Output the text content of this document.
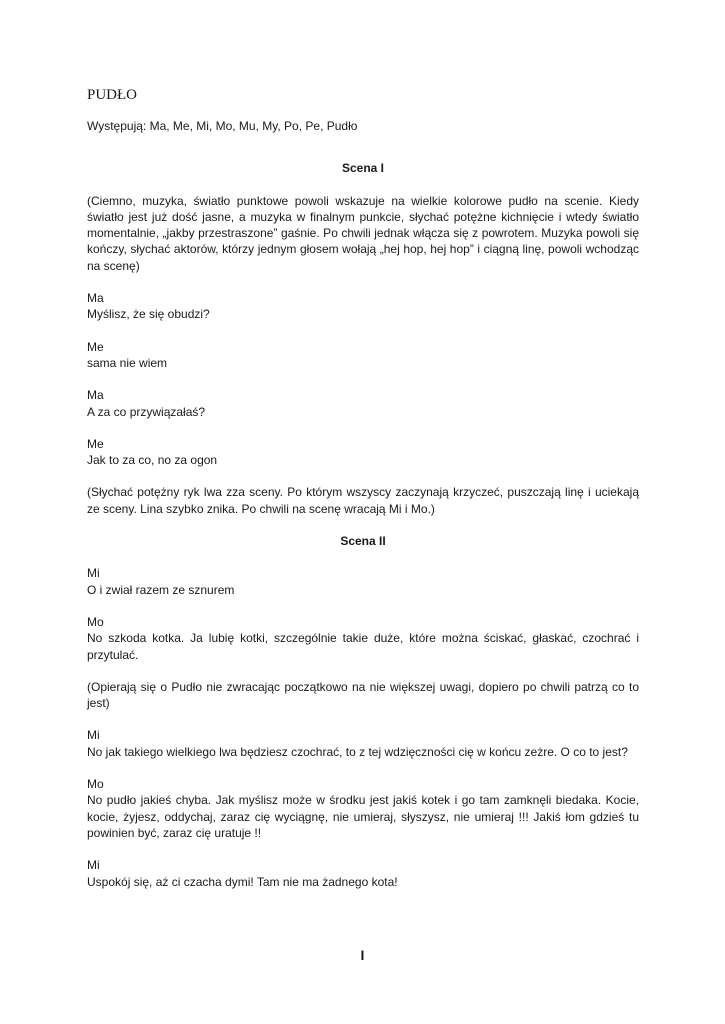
PUDŁO
Występują: Ma, Me, Mi, Mo, Mu, My, Po, Pe, Pudło
Scena I
(Ciemno, muzyka, światło punktowe powoli wskazuje na wielkie kolorowe pudło na scenie. Kiedy światło jest już dość jasne, a muzyka w finalnym punkcie, słychać potężne kichnięcie i wtedy światło momentalnie, „jakby przestraszone” gaśnie. Po chwili jednak włącza się z powrotem. Muzyka powoli się kończy, słychać aktorów, którzy jednym głosem wołają „hej hop, hej hop” i ciągną linę, powoli wchodząc na scenę)
Ma
Myślisz, że się obudzi?
Me
sama nie wiem
Ma
A za co przywiązałaś?
Me
Jak to za co, no za ogon
(Słychać potężny ryk lwa zza sceny. Po którym wszyscy zaczynają krzyczeć, puszczają linę i uciekają ze sceny. Lina szybko znika. Po chwili na scenę wracają Mi i Mo.)
Scena II
Mi
O i zwiał razem ze sznurem
Mo
No szkoda kotka. Ja lubię kotki, szczególnie takie duże, które można ściskać, głaskać, czochrać i przytulać.
(Opierają się o Pudło nie zwracając początkowo na nie większej uwagi, dopiero po chwili patrzą co to jest)
Mi
No jak takiego wielkiego lwa będziesz czochrać, to z tej wdzięczności cię w końcu zeżre. O co to jest?
Mo
No pudło jakieś chyba. Jak myślisz może w środku jest jakiś kotek i go tam zamknęli biedaka. Kocie, kocie, żyjesz, oddychaj, zaraz cię wyciągnę, nie umieraj, słyszysz, nie umieraj !!! Jakiś łom gdzieś tu powinien być, zaraz cię uratuje !!
Mi
Uspokój się, aż ci czacha dymi! Tam nie ma żadnego kota!
I
